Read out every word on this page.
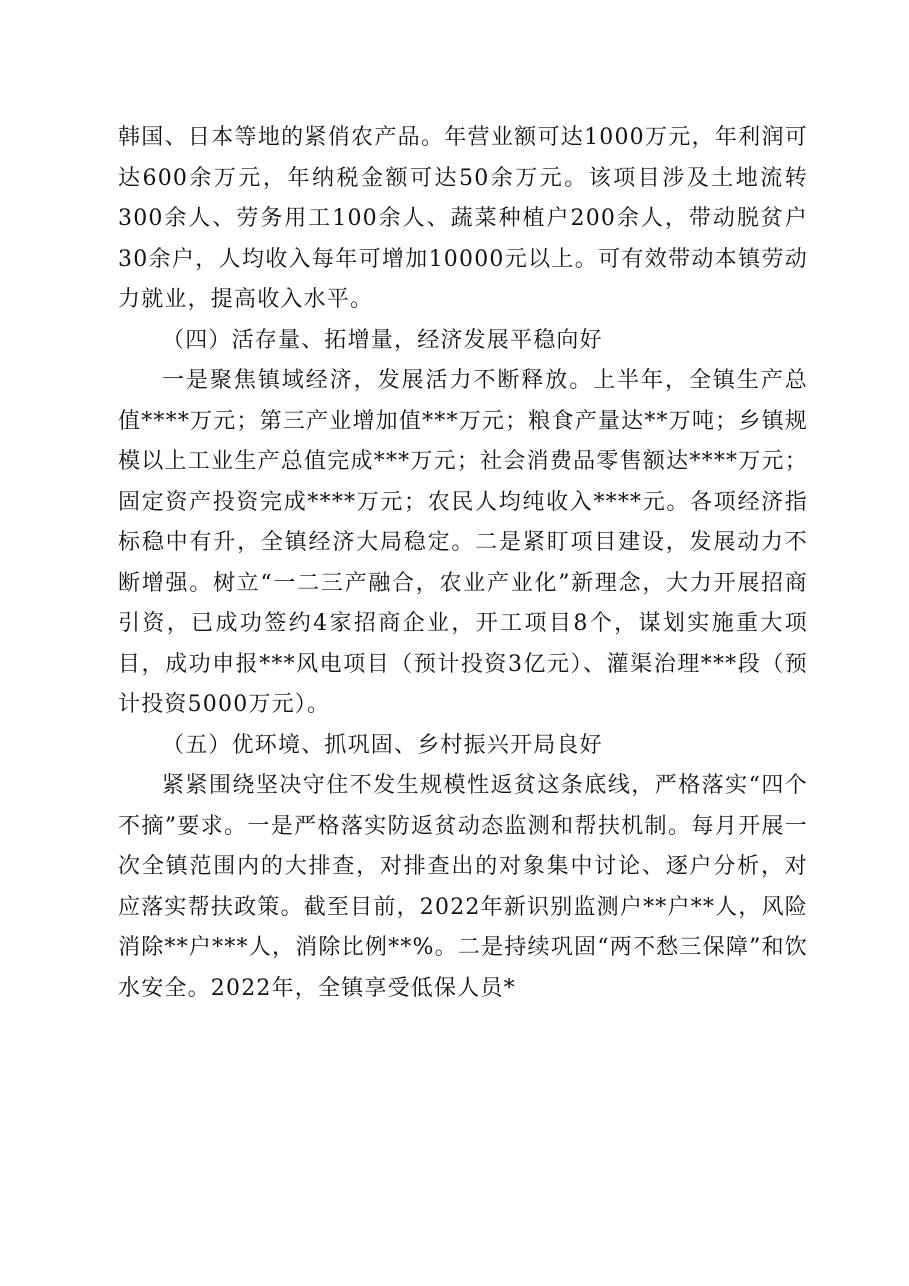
韩国、日本等地的紧俏农产品。年营业额可达1000万元，年利润可达600余万元，年纳税金额可达50余万元。该项目涉及土地流转300余人、劳务用工100余人、蔬菜种植户200余人，带动脱贫户30余户，人均收入每年可增加10000元以上。可有效带动本镇劳动力就业，提高收入水平。

（四）活存量、拓增量，经济发展平稳向好

一是聚焦镇域经济，发展活力不断释放。上半年，全镇生产总值****万元；第三产业增加值***万元；粮食产量达**万吨；乡镇规模以上工业生产总值完成***万元；社会消费品零售额达****万元；固定资产投资完成****万元；农民人均纯收入****元。各项经济指标稳中有升，全镇经济大局稳定。二是紧盯项目建设，发展动力不断增强。树立“一二三产融合，农业产业化”新理念，大力开展招商引资，已成功签约4家招商企业，开工项目8个，谋划实施重大项目，成功申报***风电项目（预计投资3亿元）、灌渠治理***段（预计投资5000万元）。

（五）优环境、抓巩固、乡村振兴开局良好

紧紧围绕坚决守住不发生规模性返贫这条底线，严格落实“四个不摘”要求。一是严格落实防返贫动态监测和帮扶机制。每月开展一次全镇范围内的大排查，对排查出的对象集中讨论、逐户分析，对应落实帮扶政策。截至目前，2022年新识别监测户**户**人，风险消除**户***人，消除比例**%。二是持续巩固“两不愁三保障”和饮水安全。2022年，全镇享受低保人员*
